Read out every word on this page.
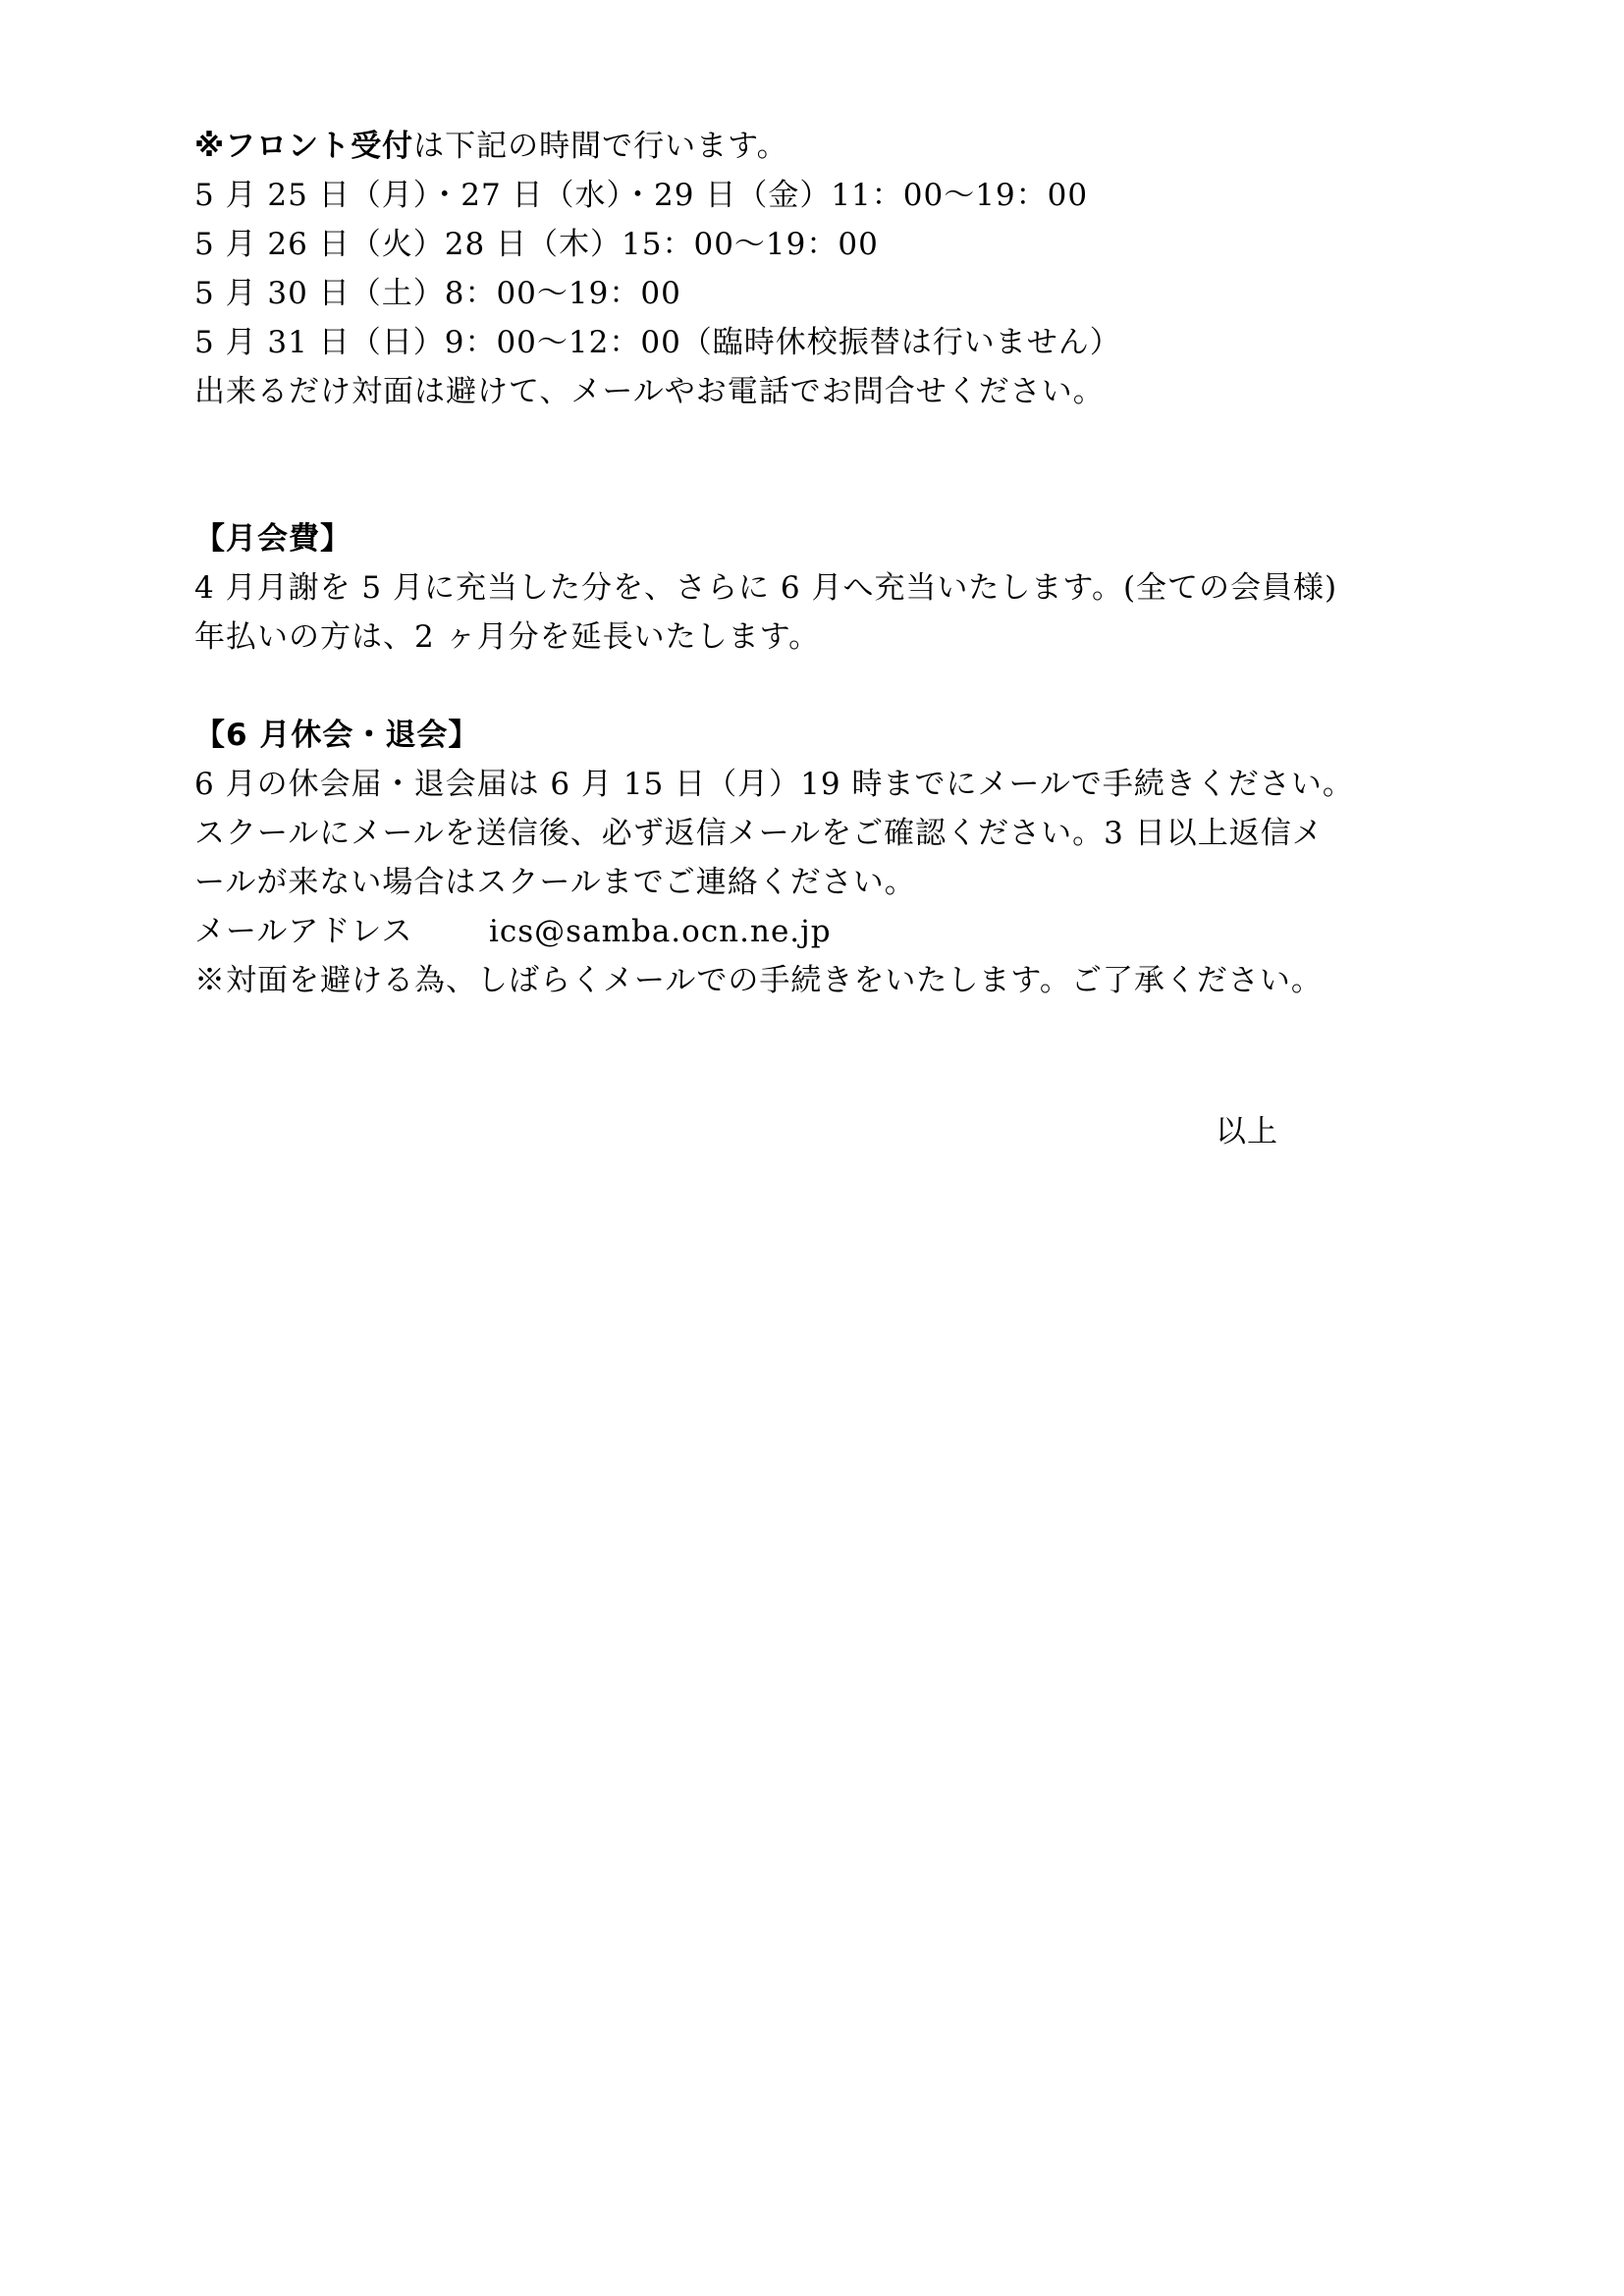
※フロント受付は下記の時間で行います。
5 月 25 日（月）・27 日（水）・29 日（金）11：00～19：00
5 月 26 日（火）28 日（木）15：00～19：00
5 月 30 日（土）8：00～19：00
5 月 31 日（日）9：00～12：00（臨時休校振替は行いません）
出来るだけ対面は避けて、メールやお電話でお問合せください。
【月会費】
4 月月謝を 5 月に充当した分を、さらに 6 月へ充当いたします。(全ての会員様)
年払いの方は、2 ヶ月分を延長いたします。
【6 月休会・退会】
6 月の休会届・退会届は 6 月 15 日（月）19 時までにメールで手続きください。
スクールにメールを送信後、必ず返信メールをご確認ください。3 日以上返信メ
ールが来ない場合はスクールまでご連絡ください。
メールアドレス	ics@samba.ocn.ne.jp
※対面を避ける為、しばらくメールでの手続きをいたします。ご了承ください。
以上
